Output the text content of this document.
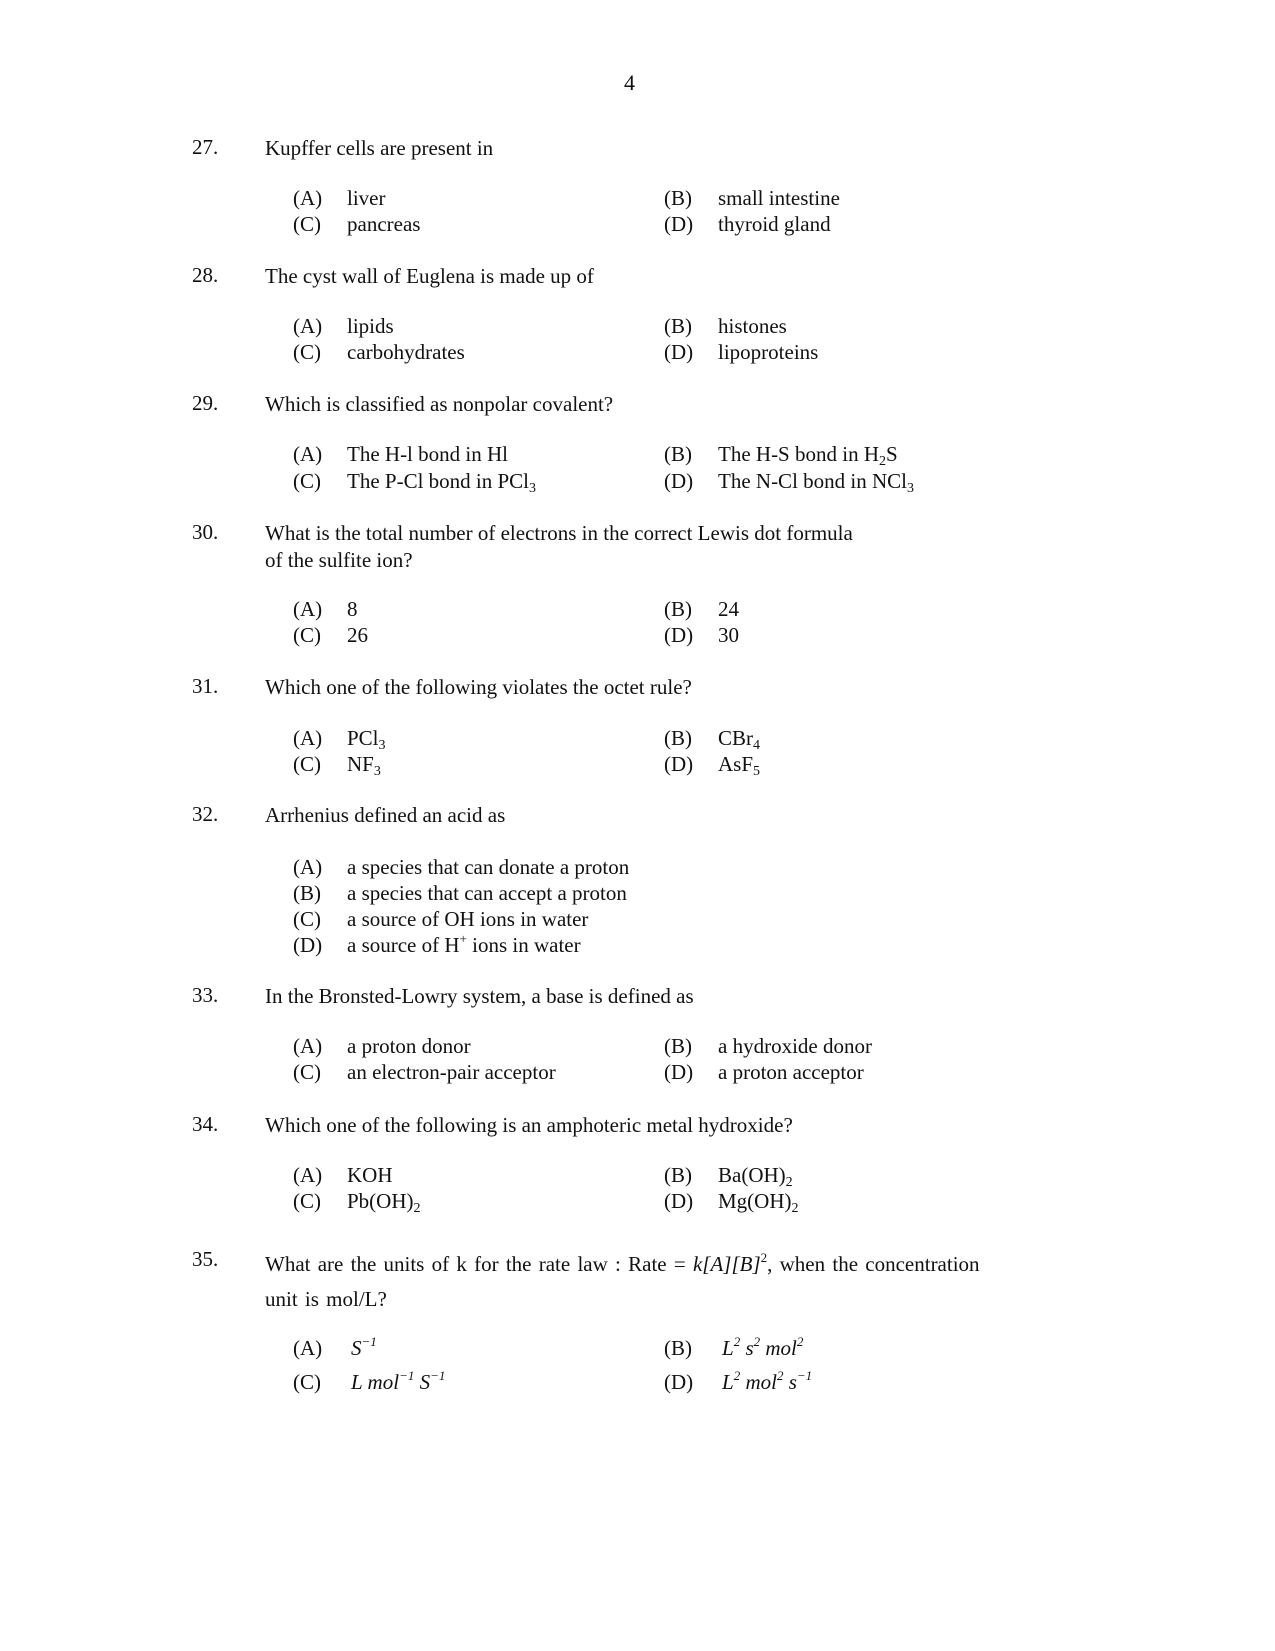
4
27. Kupffer cells are present in
(A) liver	(B) small intestine
(C) pancreas	(D) thyroid gland
28. The cyst wall of Euglena is made up of
(A) lipids	(B) histones
(C) carbohydrates	(D) lipoproteins
29. Which is classified as nonpolar covalent?
(A) The H-l bond in Hl	(B) The H-S bond in $H_2S$
(C) The P-Cl bond in PCl$_3$	(D) The N-Cl bond in NCl$_3$
30. What is the total number of electrons in the correct Lewis dot formula
of the sulfite ion?
(A) 8	(B) 24
(C) 26	(D) 30
31. Which one of the following violates the octet rule?
(A) PCl$_3$	(B) CBr$_4$
(C) $NF_3$	(D) AsF$_5$
32. Arrhenius defined an acid as
(A) a species that can donate a proton
(B) a species that can accept a proton
(C) a source of OH ions in water
(D) a source of H+ ions in water
33. In the Bronsted-Lowry system, a base is defined as
(A) a proton donor	(B) a hydroxide donor
(C) an electron-pair acceptor	(D) a proton acceptor
34. Which one of the following is an amphoteric metal hydroxide?
(A) KOH	(B) $Ba(OH)_2$
(C) $Pb(OH)_2$	(D) $Mg(OH)_2$
35. What are the units of k for the rate law : Rate = $k[A][B]^2$, when the concentration
unit is mol/L?
(A) $S^{-1}$	(B) $L^2$ $s^2$ mol$^2$
(C) L mol$^{-1}$ $S^{-1}$	(D) $L^2$ mol$^2$ $s^{-1}$
